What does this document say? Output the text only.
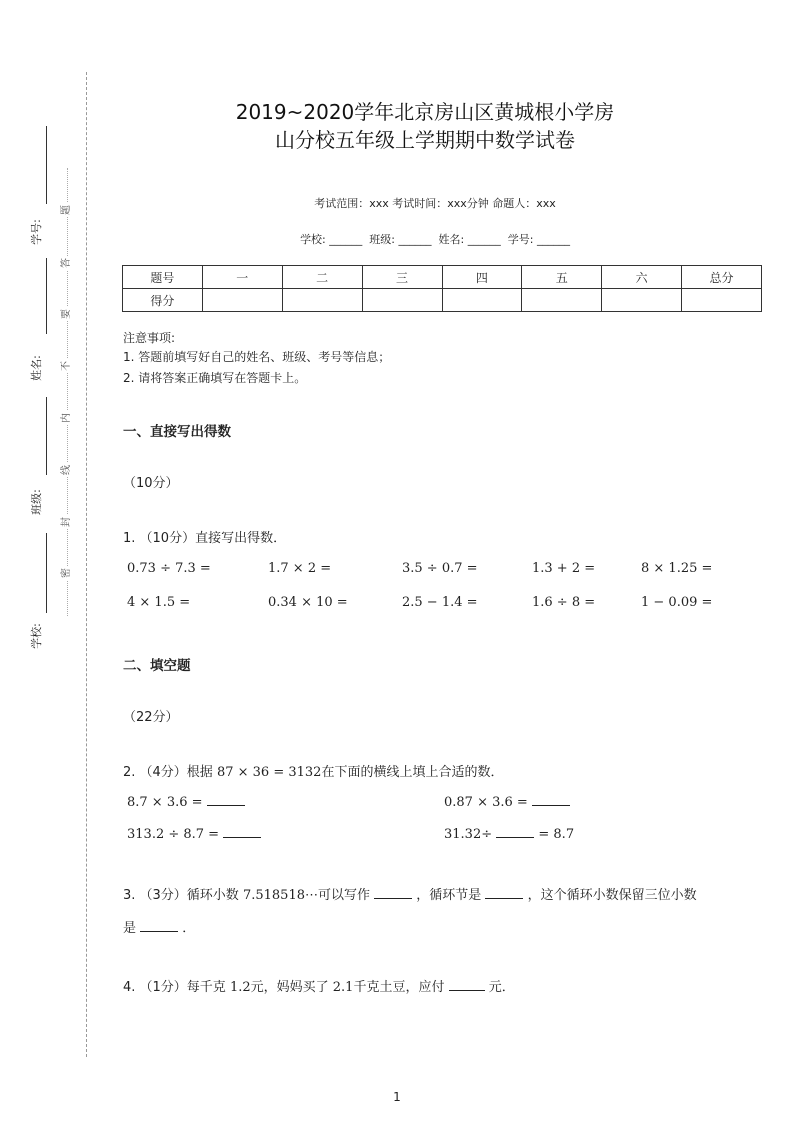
学号:
姓名:
班级:
学校:
题
答
要
不
内
线
封
密
2019~2020学年北京房山区黄城根小学房
山分校五年级上学期期中数学试卷
考试范围：xxx 考试时间：xxx分钟 命题人：xxx
学校: ______ 班级: ______ 姓名: ______ 学号: ______
题号	一	二	三	四	五	六	总分
得分							
注意事项:
1. 答题前填写好自己的姓名、班级、考号等信息；
2. 请将答案正确填写在答题卡上。
一、直接写出得数
（10分）
1. （10分）直接写出得数．
0.73 ÷ 7.3 =	1.7 × 2 =	3.5 ÷ 0.7 =	1.3 + 2 =	8 × 1.25 =
4 × 1.5 =	0.34 × 10 =	2.5 − 1.4 =	1.6 ÷ 8 =	1 − 0.09 =
二、填空题
（22分）
2. （4分）根据 87 × 36 = 3132在下面的横线上填上合适的数．
8.7 × 3.6 =	0.87 × 3.6 =
313.2 ÷ 8.7 =	31.32÷	= 8.7
3. （3分）循环小数 7.518518⋯可以写作	，循环节是	，这个循环小数保留三位小数
是	．
4. （1分）每千克 1.2元，妈妈买了 2.1千克土豆，应付	元．
1
